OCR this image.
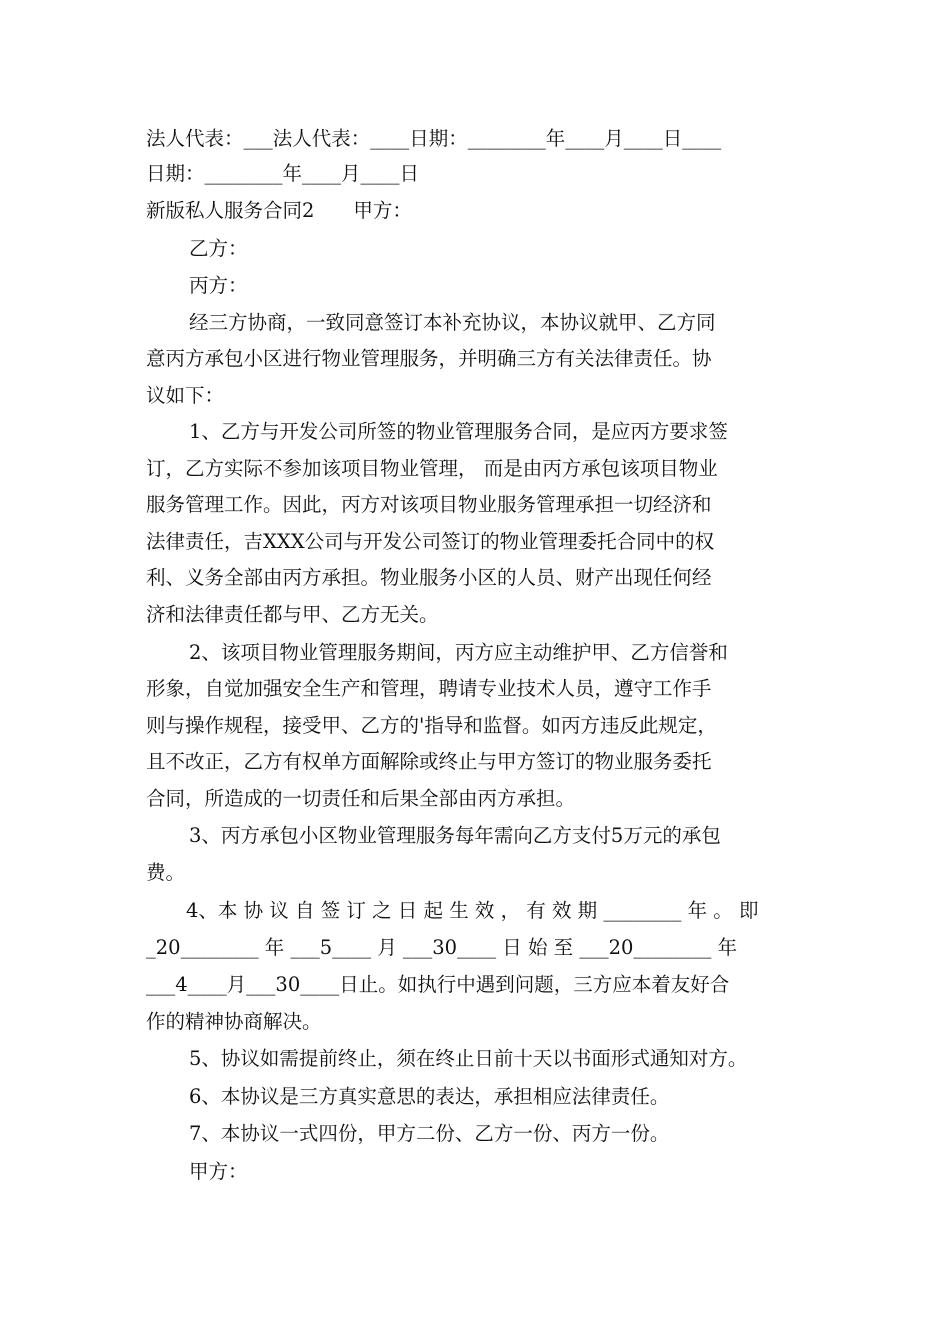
法人代表：___法人代表：____日期：________年____月____日____
日期：________年____月____日
新版私人服务合同2　　甲方：
乙方：
丙方：
经三方协商，一致同意签订本补充协议，本协议就甲、乙方同
意丙方承包小区进行物业管理服务，并明确三方有关法律责任。协
议如下：
1、乙方与开发公司所签的物业管理服务合同，是应丙方要求签
订，乙方实际不参加该项目物业管理， 而是由丙方承包该项目物业
服务管理工作。因此，丙方对该项目物业服务管理承担一切经济和
法律责任，吉XXX公司与开发公司签订的物业管理委托合同中的权
利、义务全部由丙方承担。物业服务小区的人员、财产出现任何经
济和法律责任都与甲、乙方无关。
2、该项目物业管理服务期间，丙方应主动维护甲、乙方信誉和
形象，自觉加强安全生产和管理，聘请专业技术人员，遵守工作手
则与操作规程，接受甲、乙方的'指导和监督。如丙方违反此规定，
且不改正，乙方有权单方面解除或终止与甲方签订的物业服务委托
合同，所造成的一切责任和后果全部由丙方承担。
3、丙方承包小区物业管理服务每年需向乙方支付5万元的承包
费。
4、本 协 议 自 签 订 之 日 起 生 效 ， 有 效 期 ________ 年 。 即
_20________ 年 ___5____ 月 ___30____ 日 始 至 ___20________ 年
___4____月___30____日止。如执行中遇到问题，三方应本着友好合
作的精神协商解决。
5、协议如需提前终止，须在终止日前十天以书面形式通知对方。
6、本协议是三方真实意思的表达，承担相应法律责任。
7、本协议一式四份，甲方二份、乙方一份、丙方一份。
甲方：
